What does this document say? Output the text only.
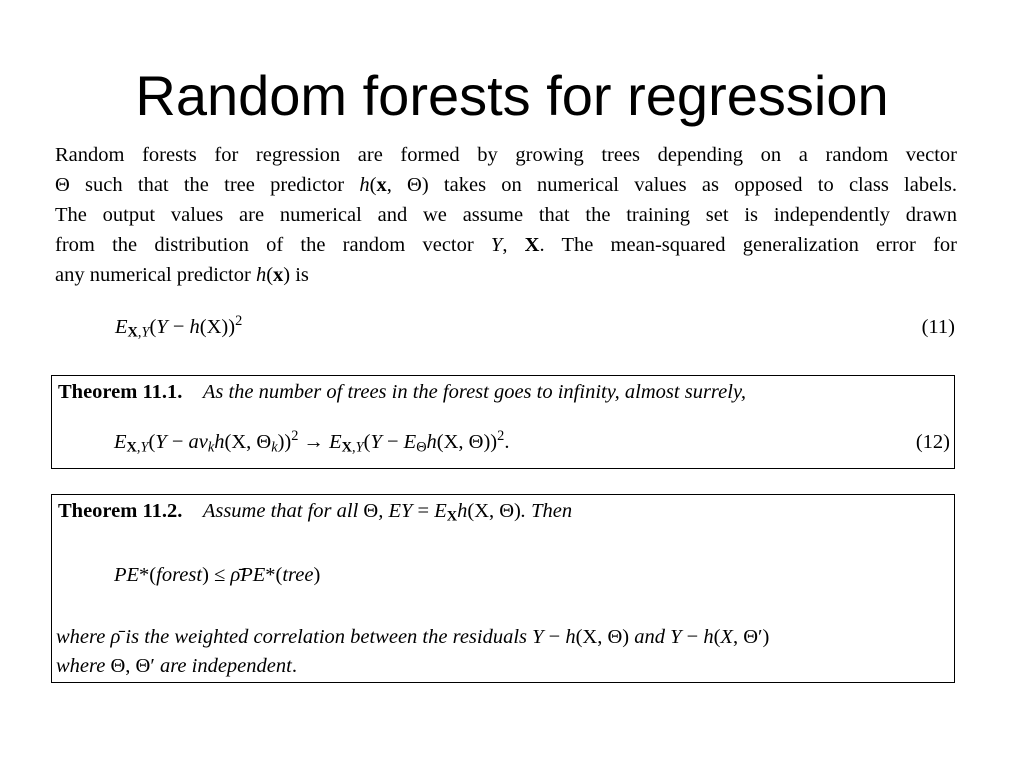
Random forests for regression
Random forests for regression are formed by growing trees depending on a random vector
Θ such that the tree predictor h(x, Θ) takes on numerical values as opposed to class labels.
The output values are numerical and we assume that the training set is independently drawn
from the distribution of the random vector Y, X. The mean-squared generalization error for
any numerical predictor h(x) is
$E_{X,Y}(Y - h(X))^2$	(11)
Theorem 11.1. As the number of trees in the forest goes to infinity, almost surrely,
$E_{X,Y}(Y - av_kh(X$, $\Theta_k))^2 \to E_{X,Y}(Y - E_\Theta h(X$, Θ))$^2$.	(12)
Theorem 11.2. Assume that for all Θ, EY = $E_Xh(X$, Θ). Then
PE*(forest) ≤ ρ̄PE*(tree)
where ρ̄ is the weighted correlation between the residuals Y − h(X, Θ) and Y − h(X, Θ′)
where Θ, Θ′ are independent.
